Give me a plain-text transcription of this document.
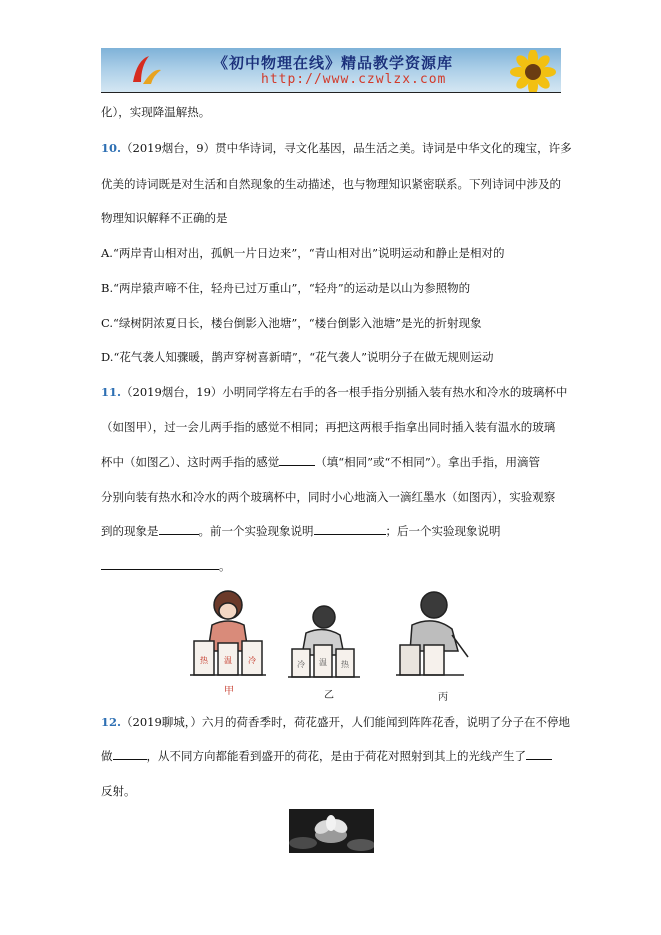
《初中物理在线》精品教学资源库
http://www.czwlzx.com
化），实现降温解热。
10.（2019烟台，9）贯中华诗词，寻文化基因，品生活之美。诗词是中华文化的瑰宝，许多
优美的诗词既是对生活和自然现象的生动描述，也与物理知识紧密联系。下列诗词中涉及的
物理知识解释不正确的是
A.“两岸青山相对出，孤帆一片日边来”，“青山相对出”说明运动和静止是相对的
B.“两岸猿声啼不住，轻舟已过万重山”，“轻舟”的运动是以山为参照物的
C.“绿树阴浓夏日长，楼台倒影入池塘”，“楼台倒影入池塘”是光的折射现象
D.“花气袭人知骤暖，鹊声穿树喜新晴”，“花气袭人”说明分子在做无规则运动
11.（2019烟台，19）小明同学将左右手的各一根手指分别插入装有热水和冷水的玻璃杯中
（如图甲），过一会儿两手指的感觉不相同；再把这两根手指拿出同时插入装有温水的玻璃
杯中（如图乙）、这时两手指的感觉	（填“相同”或“不相同”）。拿出手指，用滴管
分别向装有热水和冷水的两个玻璃杯中，同时小心地滴入一滴红墨水（如图丙），实验观察
到的现象是	。前一个实验现象说明	；后一个实验现象说明
。
热 温 冷	冷 温 热
甲	乙	丙
12.（2019聊城，）六月的荷香季时，荷花盛开，人们能闻到阵阵花香，说明了分子在不停地
做	，从不同方向都能看到盛开的荷花，是由于荷花对照射到其上的光线产生了
反射。
